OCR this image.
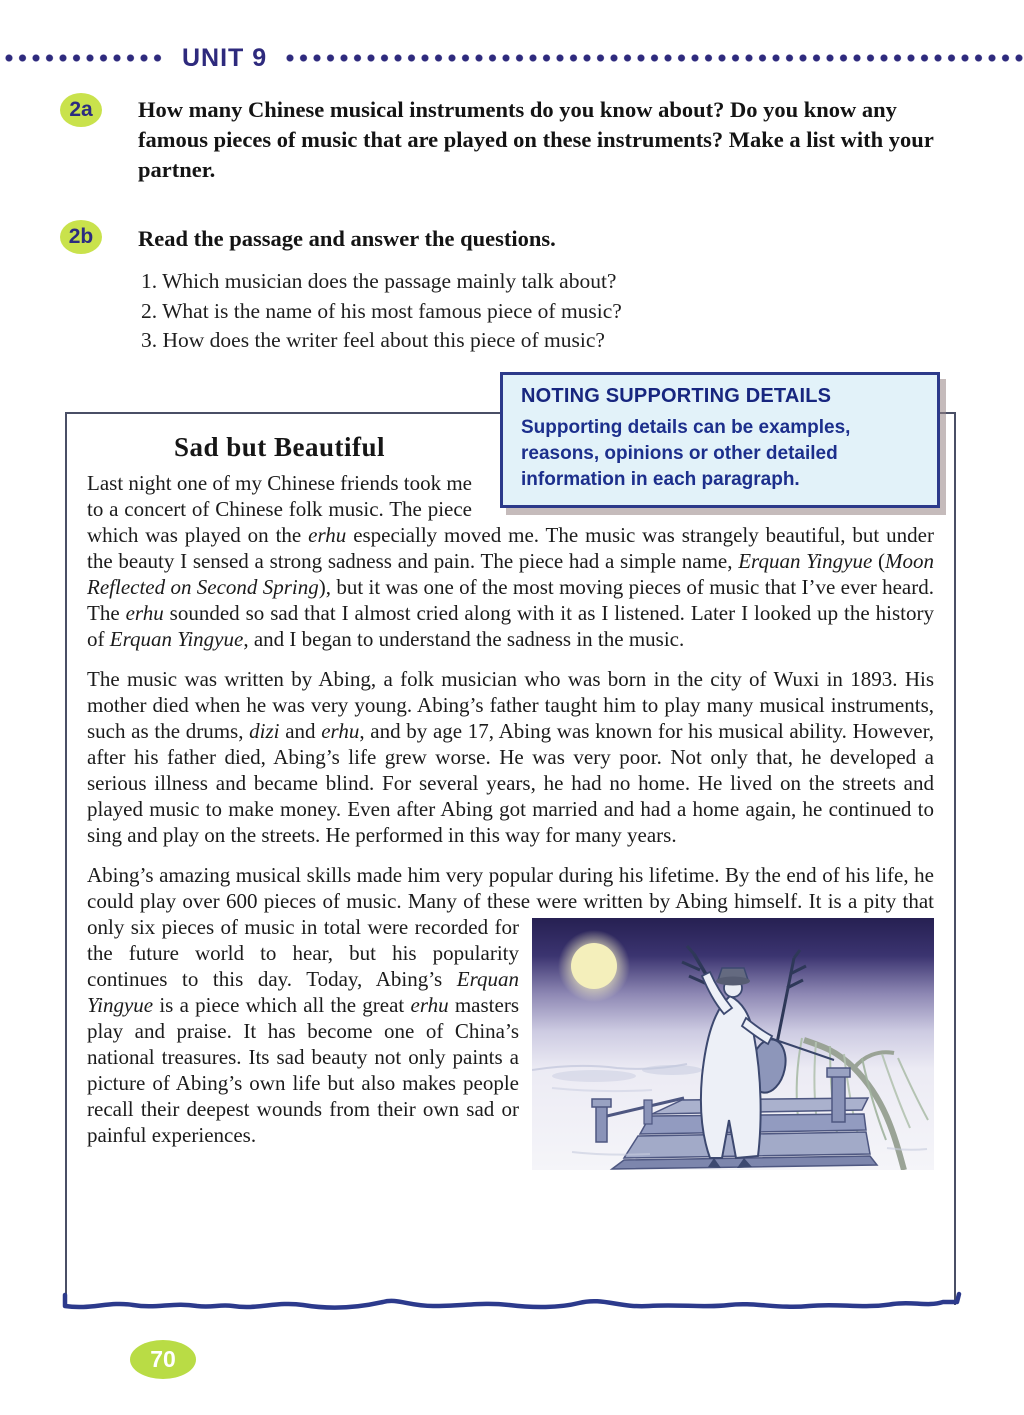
UNIT 9
2a	How many Chinese musical instruments do you know about? Do you know any famous pieces of music that are played on these instruments? Make a list with your partner.
2b	Read the passage and answer the questions.
1. Which musician does the passage mainly talk about?
2. What is the name of his most famous piece of music?
3. How does the writer feel about this piece of music?
NOTING SUPPORTING DETAILS
Supporting details can be examples, reasons, opinions or other detailed information in each paragraph.
Sad but Beautiful

Last night one of my Chinese friends took me to a concert of Chinese folk music. The piece which was played on the erhu especially moved me. The music was strangely beautiful, but under the beauty I sensed a strong sadness and pain. The piece had a simple name, Erquan Yingyue (Moon Reflected on Second Spring), but it was one of the most moving pieces of music that I’ve ever heard. The erhu sounded so sad that I almost cried along with it as I listened. Later I looked up the history of Erquan Yingyue, and I began to understand the sadness in the music.

The music was written by Abing, a folk musician who was born in the city of Wuxi in 1893. His mother died when he was very young. Abing’s father taught him to play many musical instruments, such as the drums, dizi and erhu, and by age 17, Abing was known for his musical ability. However, after his father died, Abing’s life grew worse. He was very poor. Not only that, he developed a serious illness and became blind. For several years, he had no home. He lived on the streets and played music to make money. Even after Abing got married and had a home again, he continued to sing and play on the streets. He performed in this way for many years.

Abing’s amazing musical skills made him very popular during his lifetime. By the end of his life, he could play over 600 pieces of music. Many of these were written by Abing himself. It is a pity that only six pieces of music in total were recorded for
the future world to hear, but his popularity continues to this day. Today, Abing’s Erquan Yingyue is a piece which all the great erhu masters play and praise. It has become one of China’s national treasures. Its sad beauty not only paints a picture of Abing’s own life but also makes people recall their deepest wounds from their own sad or painful experiences.

70
